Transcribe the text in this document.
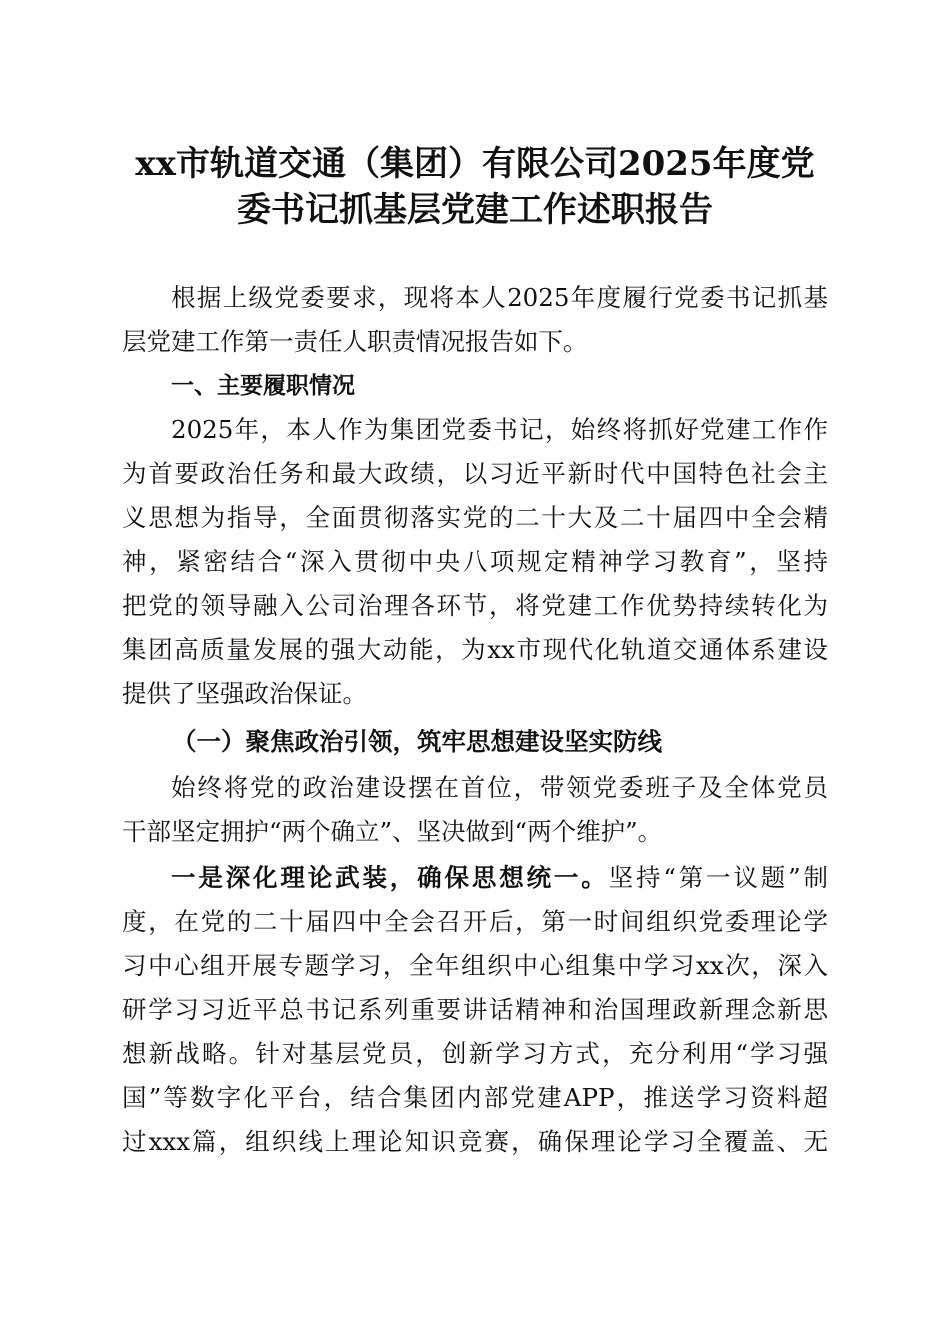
xx市轨道交通（集团）有限公司2025年度党
委书记抓基层党建工作述职报告
根据上级党委要求，现将本人2025年度履行党委书记抓基
层党建工作第一责任人职责情况报告如下。
一、主要履职情况
2025年，本人作为集团党委书记，始终将抓好党建工作作
为首要政治任务和最大政绩，以习近平新时代中国特色社会主
义思想为指导，全面贯彻落实党的二十大及二十届四中全会精
神，紧密结合“深入贯彻中央八项规定精神学习教育”，坚持
把党的领导融入公司治理各环节，将党建工作优势持续转化为
集团高质量发展的强大动能，为xx市现代化轨道交通体系建设
提供了坚强政治保证。
（一）聚焦政治引领，筑牢思想建设坚实防线
始终将党的政治建设摆在首位，带领党委班子及全体党员
干部坚定拥护“两个确立”、坚决做到“两个维护”。
一是深化理论武装，确保思想统一。坚持“第一议题”制
度，在党的二十届四中全会召开后，第一时间组织党委理论学
习中心组开展专题学习，全年组织中心组集中学习xx次，深入
研学习习近平总书记系列重要讲话精神和治国理政新理念新思
想新战略。针对基层党员，创新学习方式，充分利用“学习强
国”等数字化平台，结合集团内部党建APP，推送学习资料超
过xxx篇，组织线上理论知识竞赛，确保理论学习全覆盖、无
